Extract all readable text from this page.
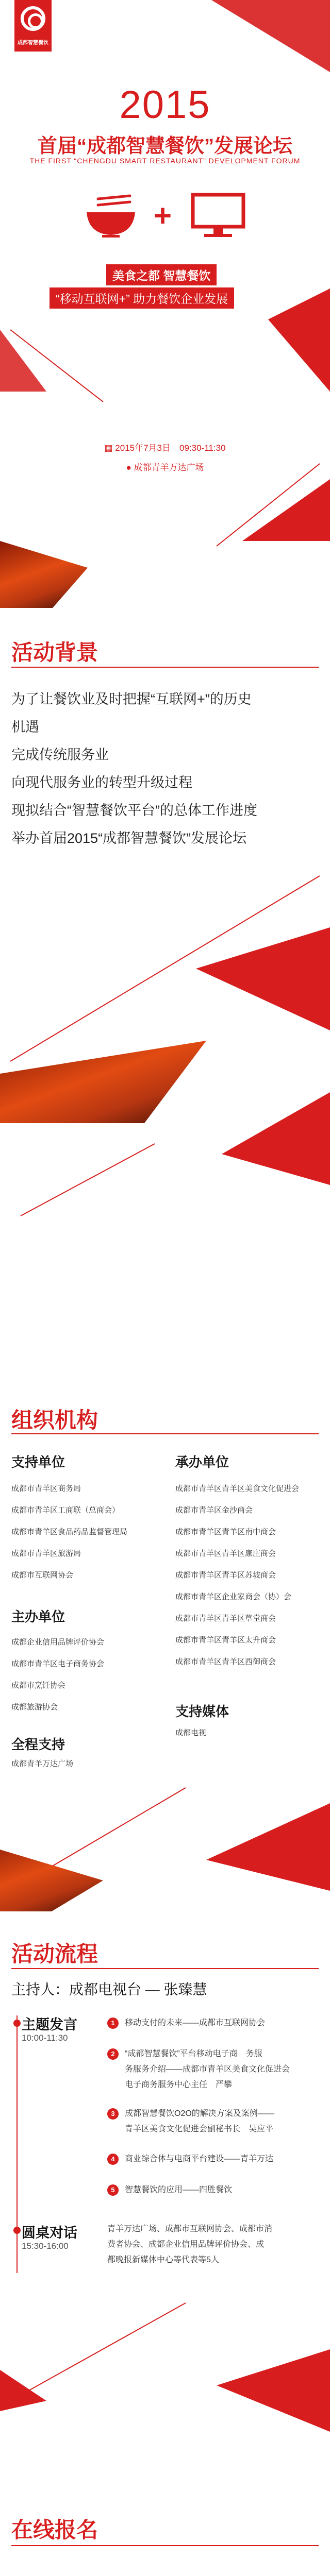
成都智慧餐饮
2015
首届“成都智慧餐饮”发展论坛
THE FIRST “CHENGDU SMART RESTAURANT” DEVELOPMENT FORUM
+
美食之都 智慧餐饮
“移动互联网+” 助力餐饮企业发展
▦ 2015年7月3日　09:30-11:30
● 成都青羊万达广场
活动背景
为了让餐饮业及时把握“互联网+”的历史
机遇
完成传统服务业
向现代服务业的转型升级过程
现拟结合“智慧餐饮平台”的总体工作进度
举办首届2015“成都智慧餐饮”发展论坛
组织机构
支持单位
成都市青羊区商务局
成都市青羊区工商联（总商会）
成都市青羊区食品药品监督管理局
成都市青羊区旅游局
成都市互联网协会
主办单位
成都企业信用品牌评价协会
成都市青羊区电子商务协会
成都市烹饪协会
成都旅游协会
全程支持
成都青羊万达广场
承办单位
成都市青羊区青羊区美食文化促进会
成都市青羊区金沙商会
成都市青羊区青羊区南中商会
成都市青羊区青羊区康庄商会
成都市青羊区青羊区苏坡商会
成都市青羊区企业家商会（协）会
成都市青羊区青羊区草堂商会
成都市青羊区青羊区太升商会
成都市青羊区青羊区西御商会
支持媒体
成都电视
活动流程
主持人：成都电视台 — 张臻慧
主题发言
10:00-11:30
1	移动支付的未来——成都市互联网协会
2	“成都智慧餐饮”平台移动电子商　务服
务服务介绍——成都市青羊区美食文化促进会
电子商务服务中心主任　严攀
3	成都智慧餐饮O2O的解决方案及案例——
青羊区美食文化促进会副秘书长　吴应平
4	商业综合体与电商平台建设——青羊万达
5	智慧餐饮的应用——四胜餐饮
圆桌对话
15:30-16:00
青羊万达广场、成都市互联网协会、成都市消
费者协会、成都企业信用品牌评价协会、成
都晚报新媒体中心等代表等5人
在线报名
您的姓名
